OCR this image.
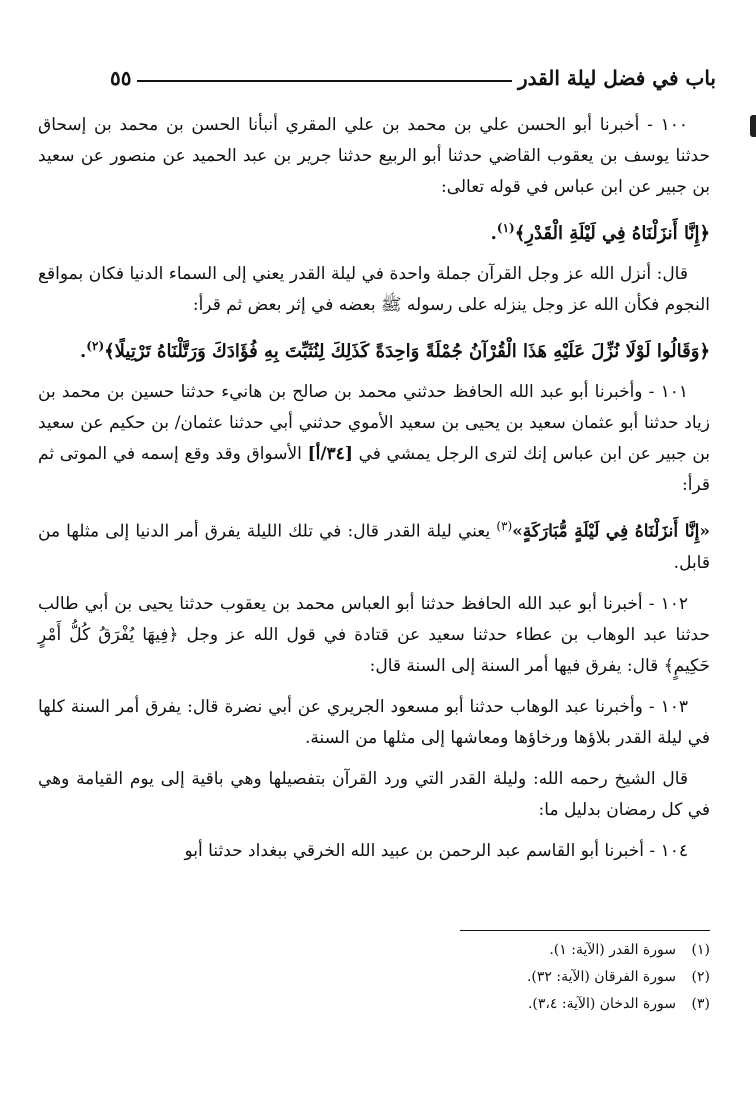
باب في فضل ليلة القدر
٥٥

١٠٠ - أخبرنا أبو الحسن علي بن محمد بن علي المقري أنبأنا الحسن بن محمد بن إسحاق حدثنا يوسف بن يعقوب القاضي حدثنا أبو الربيع حدثنا جرير بن عبد الحميد عن منصور عن سعيد بن جبير عن ابن عباس في قوله تعالى:

﴿إِنَّا أَنزَلْنَاهُ فِي لَيْلَةِ الْقَدْرِ﴾$^{(١)}$.

قال: أنزل الله عز وجل القرآن جملة واحدة في ليلة القدر يعني إلى السماء الدنيا فكان بمواقع النجوم فكأن الله عز وجل ينزله على رسوله ﷺ بعضه في إثر بعض ثم قرأ:

﴿وَقَالُوا لَوْلَا نُزِّلَ عَلَيْهِ هَذَا الْقُرْآنُ جُمْلَةً وَاحِدَةً كَذَلِكَ لِنُثَبِّتَ بِهِ فُؤَادَكَ وَرَتَّلْنَاهُ تَرْتِيلًا﴾$^{(٢)}$.

١٠١ - وأخبرنا أبو عبد الله الحافظ حدثني محمد بن صالح بن هانيء حدثنا حسين بن محمد بن زياد حدثنا أبو عثمان سعيد بن يحيى بن سعيد الأموي حدثني أبي حدثنا عثمان/ بن حكيم عن سعيد بن جبير عن ابن عباس إنك لترى الرجل يمشي في [٣٤/أ] الأسواق وقد وقع إسمه في الموتى ثم قرأ:

«إِنَّا أَنزَلْنَاهُ فِي لَيْلَةٍ مُّبَارَكَةٍ»$^{(٣)}$ يعني ليلة القدر قال: في تلك الليلة يفرق أمر الدنيا إلى مثلها من قابل.

١٠٢ - أخبرنا أبو عبد الله الحافظ حدثنا أبو العباس محمد بن يعقوب حدثنا يحيى بن أبي طالب حدثنا عبد الوهاب بن عطاء حدثنا سعيد عن قتادة في قول الله عز وجل ﴿فِيهَا يُفْرَقُ كُلُّ أَمْرٍ حَكِيمٍ﴾ قال: يفرق فيها أمر السنة إلى السنة قال:

١٠٣ - وأخبرنا عبد الوهاب حدثنا أبو مسعود الجريري عن أبي نضرة قال: يفرق أمر السنة كلها في ليلة القدر بلاؤها ورخاؤها ومعاشها إلى مثلها من السنة.

قال الشيخ رحمه الله: وليلة القدر التي ورد القرآن بتفصيلها وهي باقية إلى يوم القيامة وهي في كل رمضان بدليل ما:

١٠٤ - أخبرنا أبو القاسم عبد الرحمن بن عبيد الله الخرقي ببغداد حدثنا أبو

(١)
سورة القدر (الآية: ١).
(٢)
سورة الفرقان (الآية: ٣٢).
(٣)
سورة الدخان (الآية: ٣،٤).
